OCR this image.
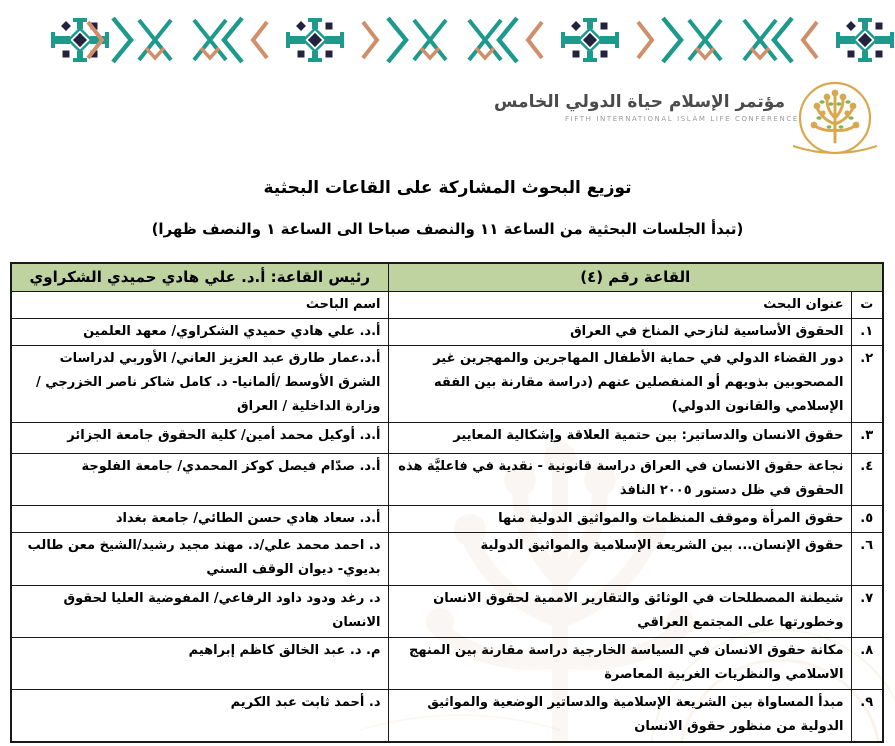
مؤتمر الإسلام حياة الدولي الخامس
FIFTH INTERNATIONAL ISLAM LIFE CONFERENCE
توزيع البحوث المشاركة على القاعات البحثية
(تبدأ الجلسات البحثية من الساعة ١١ والنصف صباحا الى الساعة ١ والنصف ظهرا)
القاعة رقم (٤)		رئيس القاعة: أ.د. علي هادي حميدي الشكراوي
ت	عنوان البحث	اسم الباحث
١.	الحقوق الأساسية لنازحي المناخ في العراق	أ.د. علي هادي حميدي الشكراوي/ معهد العلمين
٢.	دور القضاء الدولي في حماية الأطفال المهاجرين والمهجرين غير المصحوبين بذويهم أو المنفصلين عنهم (دراسة مقارنة بين الفقه الإسلامي والقانون الدولي)	أ.د.عمار طارق عبد العزيز العاني/ الأوربي لدراسات الشرق الأوسط /ألمانيا- د. كامل شاكر ناصر الخزرجي / وزارة الداخلية / العراق
٣.	حقوق الانسان والدساتير: بين حتمية العلاقة وإشكالية المعايير	أ.د. أوكيل محمد أمين/ كلية الحقوق جامعة الجزائر
٤.	نجاعة حقوق الانسان في العراق دراسة قانونية - نقدية في فاعليَّة هذه الحقوق في ظل دستور ٢٠٠٥ النافذ	أ.د. صدّام فيصل كوكز المحمدي/ جامعة الفلوجة
٥.	حقوق المرأة وموقف المنظمات والمواثيق الدولية منها	أ.د. سعاد هادي حسن الطائي/ جامعة بغداد
٦.	حقوق الإنسان... بين الشريعة الإسلامية والمواثيق الدولية	د. احمد محمد علي/د. مهند مجيد رشيد/الشيخ معن طالب بديوي- ديوان الوقف السني
٧.	شيطنة المصطلحات في الوثائق والتقارير الاممية لحقوق الانسان وخطورتها على المجتمع العراقي	د. رغد ودود داود الرفاعي/ المفوضية العليا لحقوق الانسان
٨.	مكانة حقوق الانسان في السياسة الخارجية دراسة مقارنة بين المنهج الاسلامي والنظريات الغربية المعاصرة	م. د. عبد الخالق كاظم إبراهيم
٩.	مبدأ المساواة بين الشريعة الإسلامية والدساتير الوضعية والمواثيق الدولية من منظور حقوق الانسان	د. أحمد ثابت عبد الكريم
